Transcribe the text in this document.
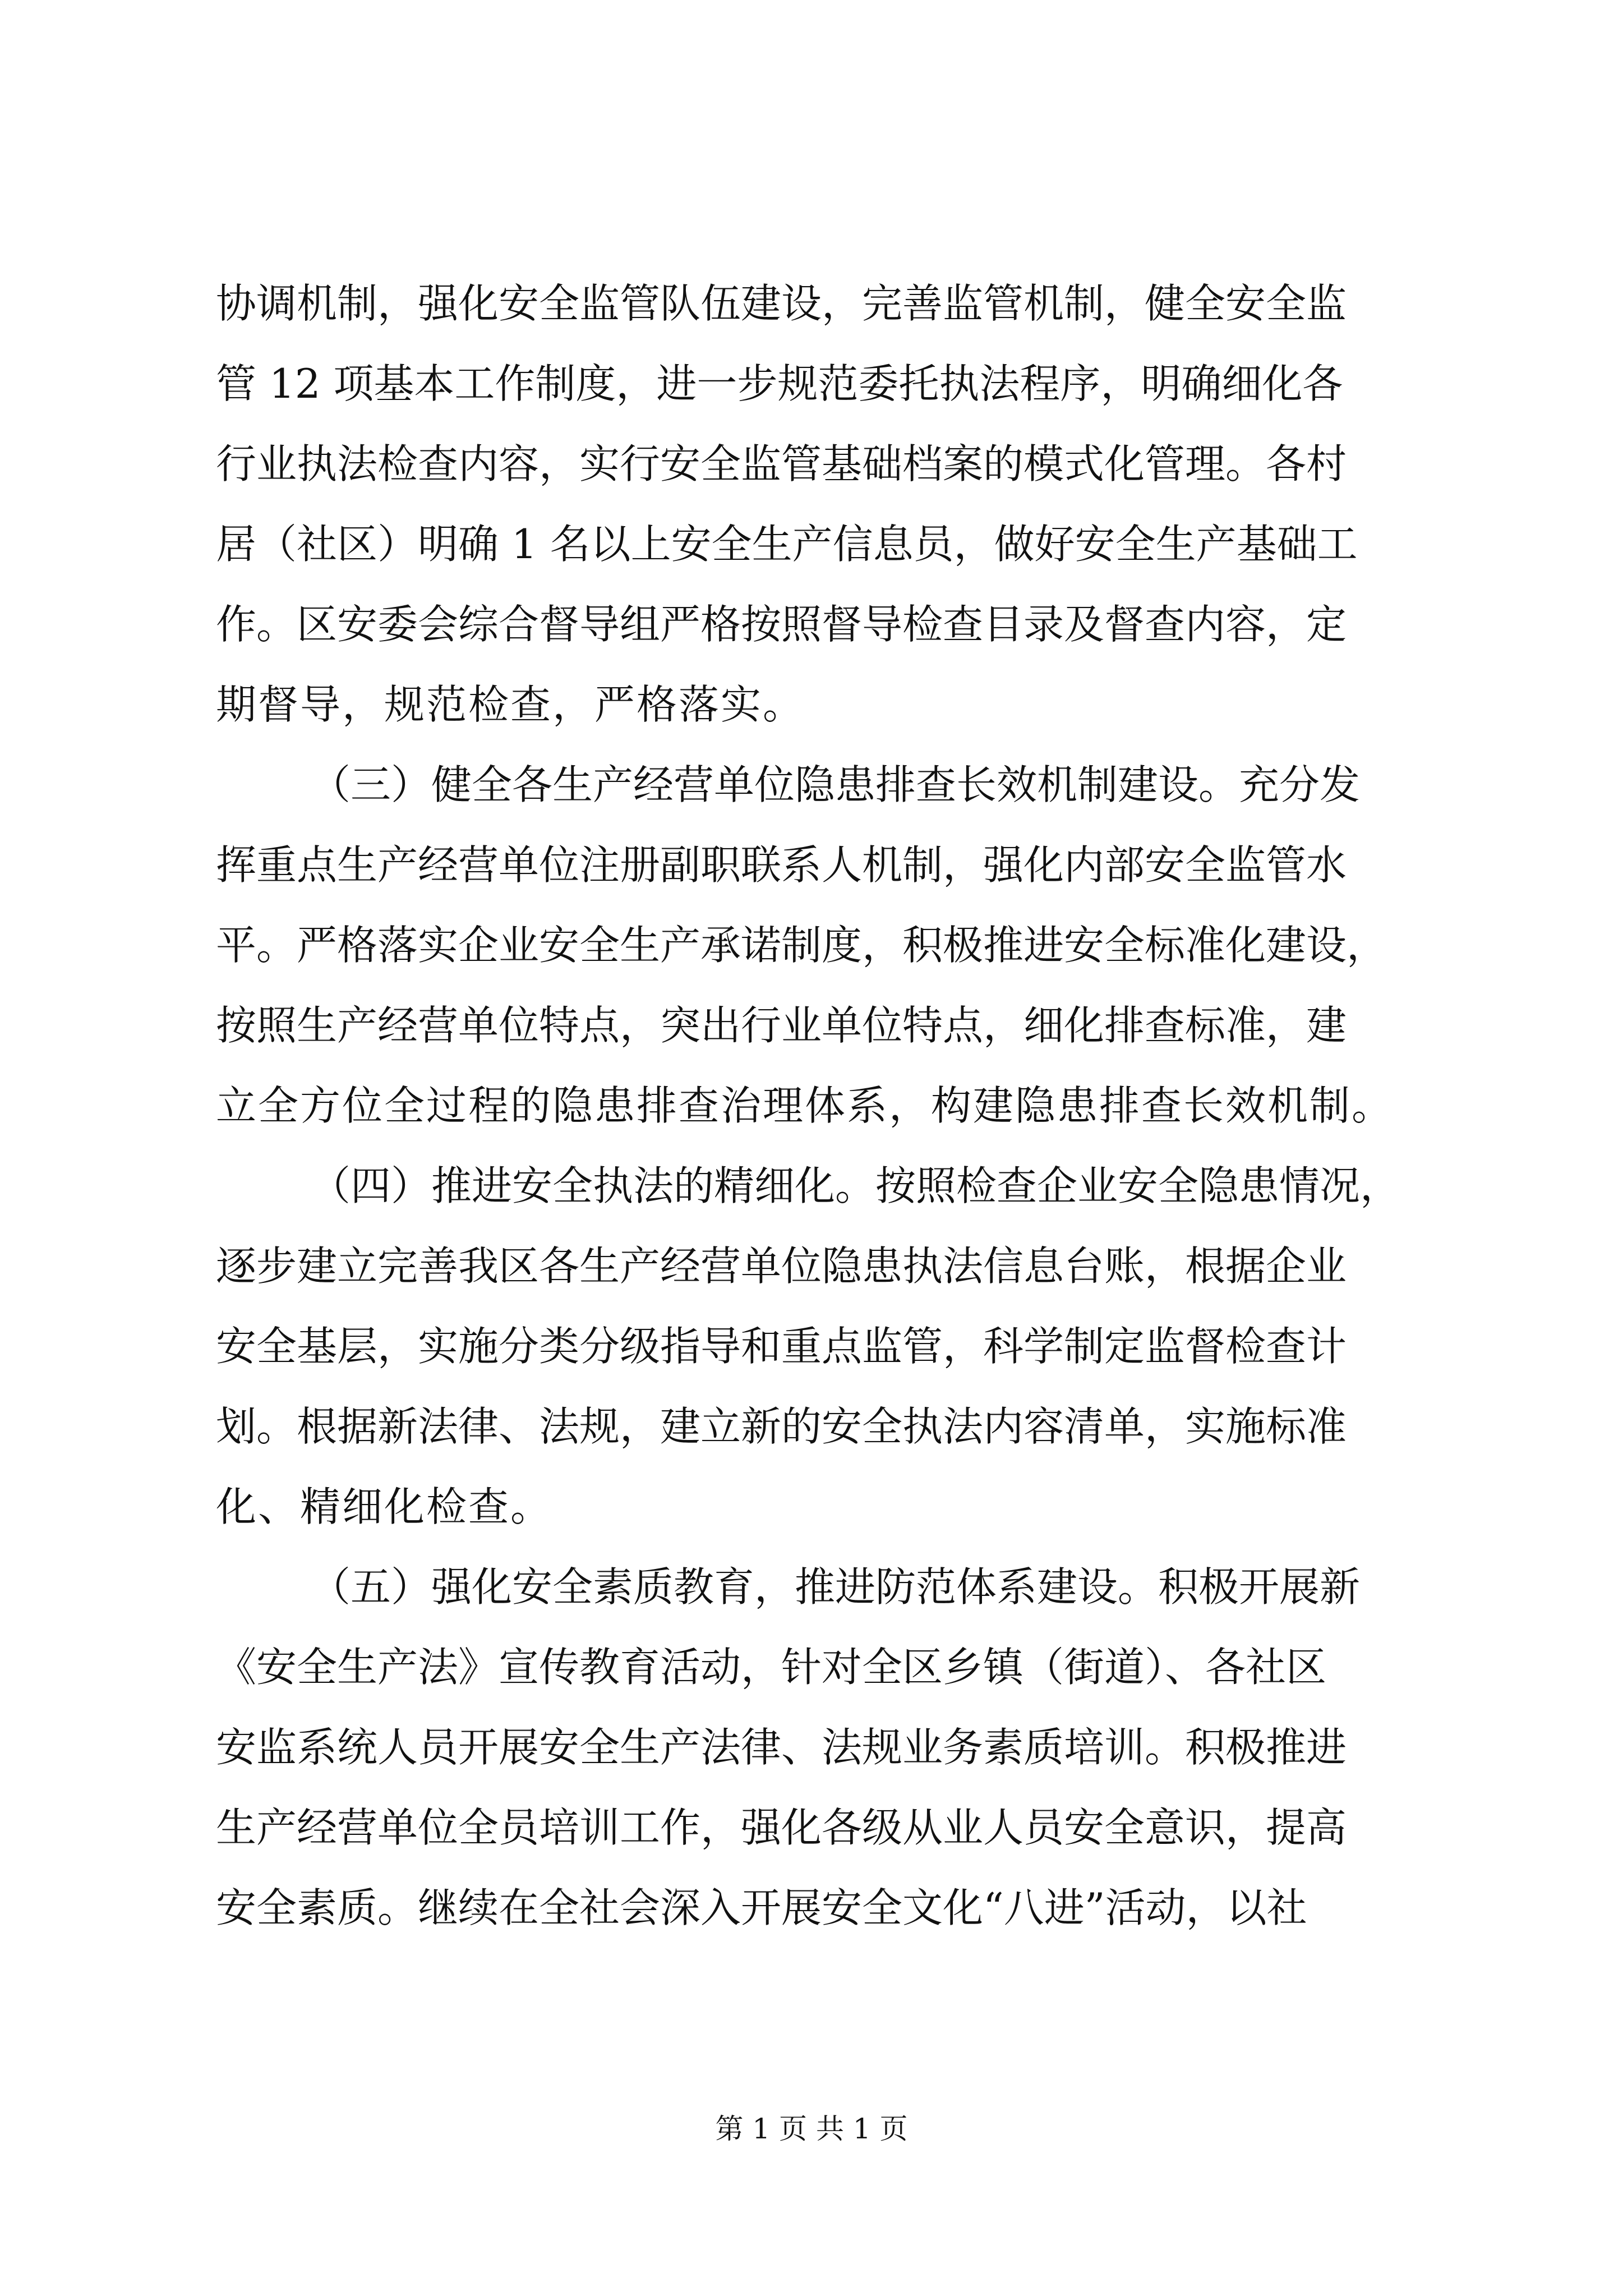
协调机制，强化安全监管队伍建设，完善监管机制，健全安全监
管 12 项基本工作制度，进一步规范委托执法程序，明确细化各
行业执法检查内容，实行安全监管基础档案的模式化管理。各村
居（社区）明确 1 名以上安全生产信息员，做好安全生产基础工
作。区安委会综合督导组严格按照督导检查目录及督查内容，定
期督导，规范检查，严格落实。
（三）健全各生产经营单位隐患排查长效机制建设。充分发
挥重点生产经营单位注册副职联系人机制，强化内部安全监管水
平。严格落实企业安全生产承诺制度，积极推进安全标准化建设，
按照生产经营单位特点，突出行业单位特点，细化排查标准，建
立全方位全过程的隐患排查治理体系，构建隐患排查长效机制。
（四）推进安全执法的精细化。按照检查企业安全隐患情况，
逐步建立完善我区各生产经营单位隐患执法信息台账，根据企业
安全基层，实施分类分级指导和重点监管，科学制定监督检查计
划。根据新法律、法规，建立新的安全执法内容清单，实施标准
化、精细化检查。
（五）强化安全素质教育，推进防范体系建设。积极开展新
《安全生产法》宣传教育活动，针对全区乡镇（街道）、各社区
安监系统人员开展安全生产法律、法规业务素质培训。积极推进
生产经营单位全员培训工作，强化各级从业人员安全意识，提高
安全素质。继续在全社会深入开展安全文化“八进”活动，以社
第 1 页 共 1 页
